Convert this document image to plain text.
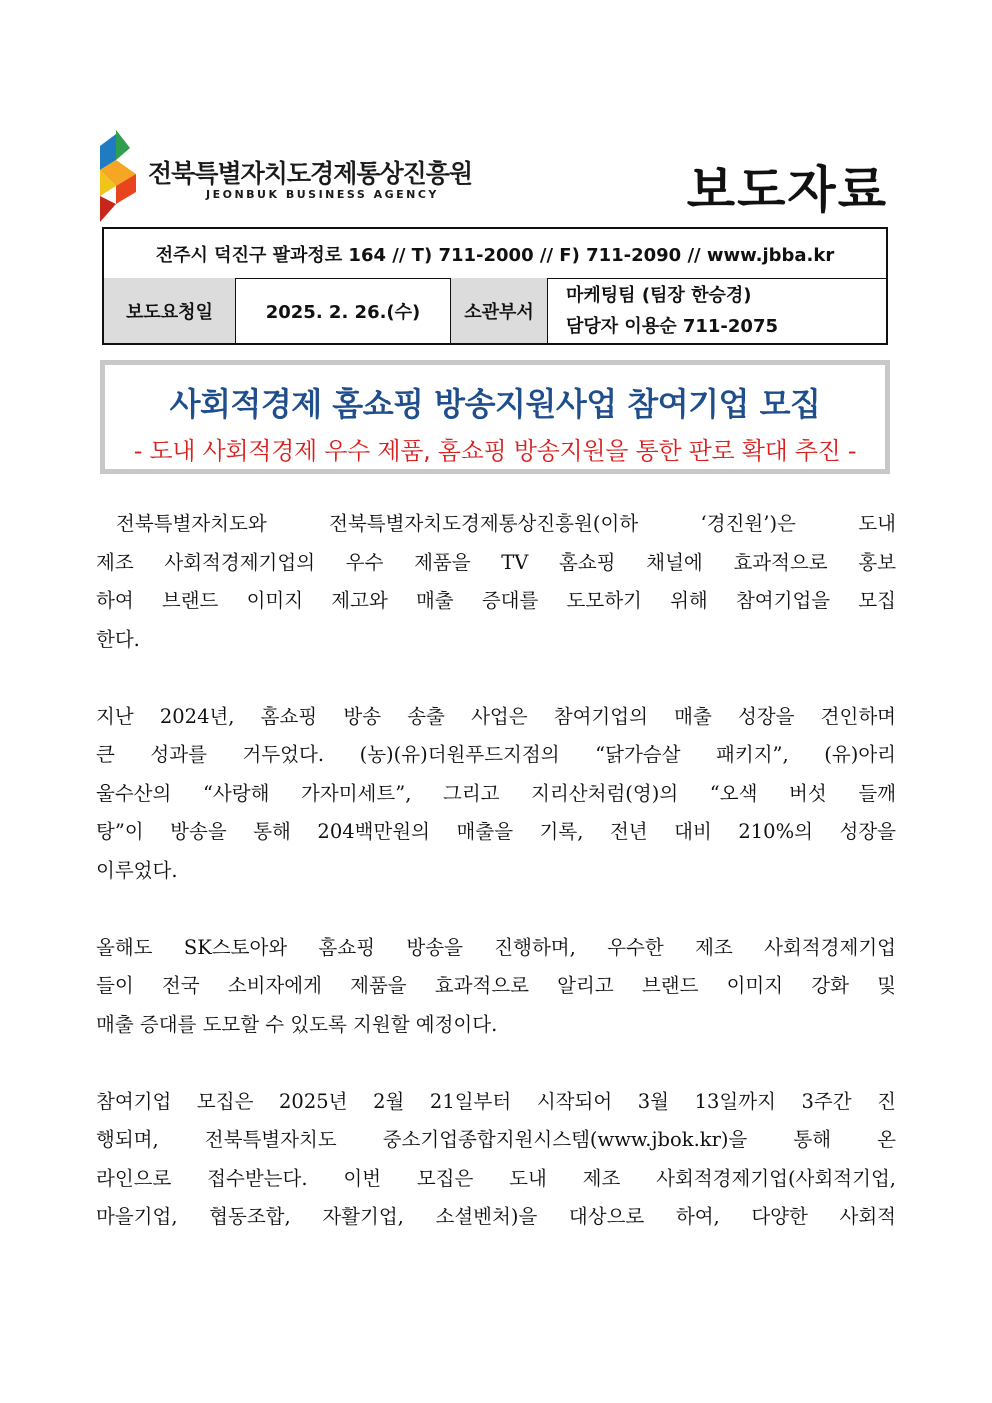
전북특별자치도경제통상진흥원
JEONBUK BUSINESS AGENCY	보도자료
전주시 덕진구 팔과정로 164 // T) 711-2000 // F) 711-2090 // www.jbba.kr
보도요청일	2025. 2. 26.(수)	소관부서
마케팅팀 (팀장 한승경)
담당자 이용순 711-2075
사회적경제 홈쇼핑 방송지원사업 참여기업 모집
- 도내 사회적경제 우수 제품, 홈쇼핑 방송지원을 통한 판로 확대 추진 -
전북특별자치도와 전북특별자치도경제통상진흥원(이하 ‘경진원’)은 도내
제조 사회적경제기업의 우수 제품을 TV 홈쇼핑 채널에 효과적으로 홍보
하여 브랜드 이미지 제고와 매출 증대를 도모하기 위해 참여기업을 모집
한다.
지난 2024년, 홈쇼핑 방송 송출 사업은 참여기업의 매출 성장을 견인하며
큰 성과를 거두었다. (농)(유)더원푸드지점의 “닭가슴살 패키지”, (유)아리
울수산의 “사랑해 가자미세트”, 그리고 지리산처럼(영)의 “오색 버섯 들깨
탕”이 방송을 통해 204백만원의 매출을 기록, 전년 대비 210%의 성장을
이루었다.
올해도 SK스토아와 홈쇼핑 방송을 진행하며, 우수한 제조 사회적경제기업
들이 전국 소비자에게 제품을 효과적으로 알리고 브랜드 이미지 강화 및
매출 증대를 도모할 수 있도록 지원할 예정이다.
참여기업 모집은 2025년 2월 21일부터 시작되어 3월 13일까지 3주간 진
행되며, 전북특별자치도 중소기업종합지원시스템(www.jbok.kr)을 통해 온
라인으로 접수받는다. 이번 모집은 도내 제조 사회적경제기업(사회적기업,
마을기업, 협동조합, 자활기업, 소셜벤처)을 대상으로 하여, 다양한 사회적
